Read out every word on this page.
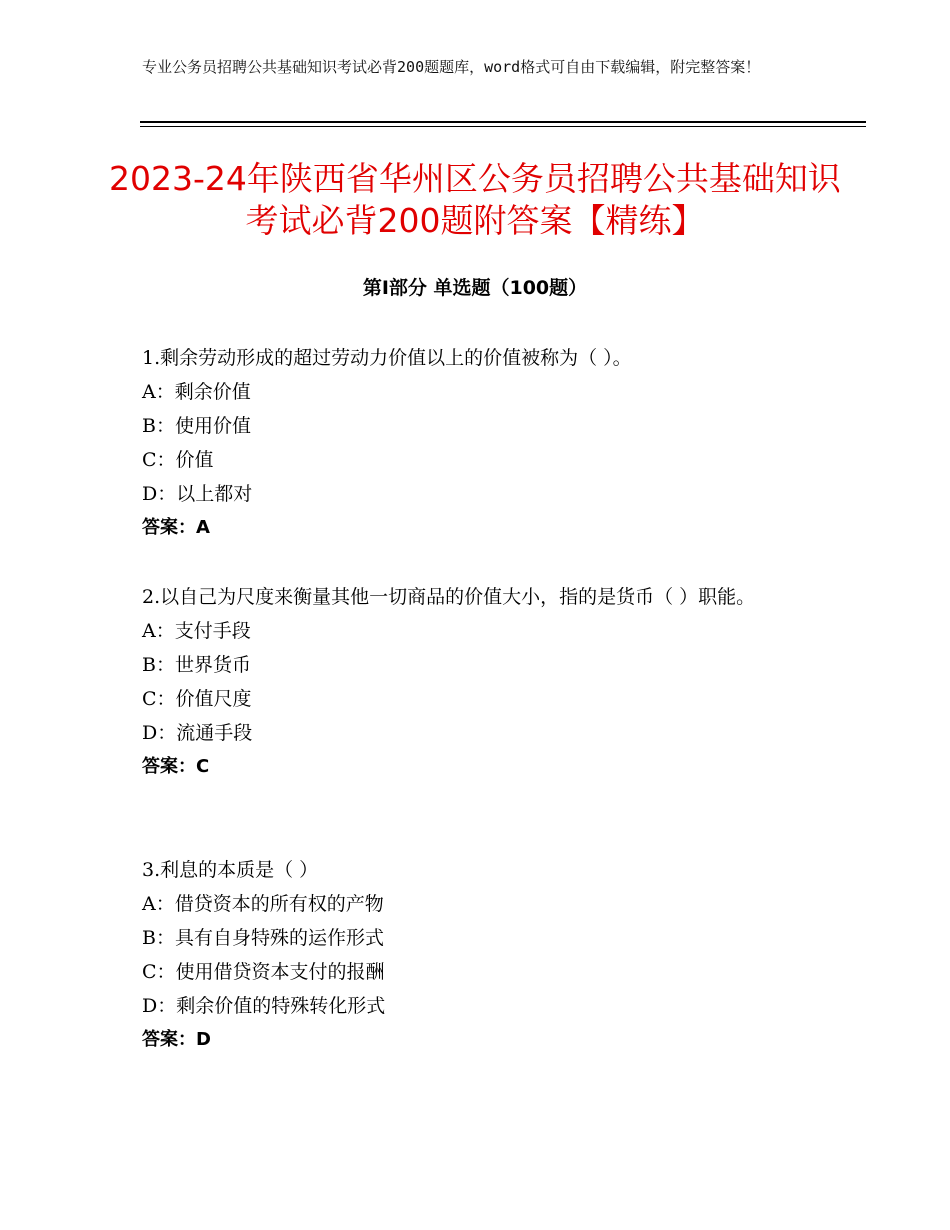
专业公务员招聘公共基础知识考试必背200题题库，word格式可自由下载编辑，附完整答案！
2023-24年陕西省华州区公务员招聘公共基础知识考试必背200题附答案【精练】
第Ⅰ部分 单选题（100题）
1.剩余劳动形成的超过劳动力价值以上的价值被称为（ ）。
A：剩余价值
B：使用价值
C：价值
D：以上都对
答案：A
2.以自己为尺度来衡量其他一切商品的价值大小，指的是货币（ ）职能。
A：支付手段
B：世界货币
C：价值尺度
D：流通手段
答案：C
3.利息的本质是（ ）
A：借贷资本的所有权的产物
B：具有自身特殊的运作形式
C：使用借贷资本支付的报酬
D：剩余价值的特殊转化形式
答案：D
